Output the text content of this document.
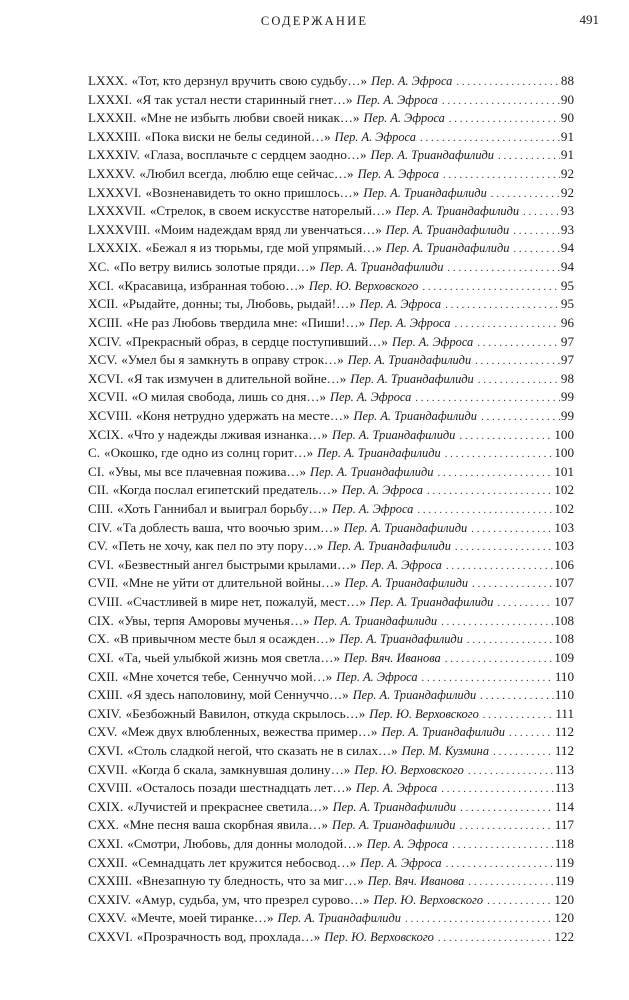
СОДЕРЖАНИЕ	491
LXXX. «Тот, кто дерзнул вручить свою судьбу…» Пер. А. Эфроса . . .	88
LXXXI. «Я так устал нести старинный гнет…» Пер. А. Эфроса . . .	90
LXXXII. «Мне не избыть любви своей никак…» Пер. А. Эфроса . . .	90
LXXXIII. «Пока виски не белы сединой…» Пер. А. Эфроса . . .	91
LXXXIV. «Глаза, восплачьте с сердцем заодно…» Пер. А. Триандафилиди . . .	91
LXXXV. «Любил всегда, люблю еще сейчас…» Пер. А. Эфроса . . .	92
LXXXVI. «Возненавидеть то окно пришлось…» Пер. А. Триандафилиди . . .	92
LXXXVII. «Стрелок, в своем искусстве наторелый…» Пер. А. Триандафилиди . . .	93
LXXXVIII. «Моим надеждам вряд ли увенчаться…» Пер. А. Триандафилиди . . .	93
LXXXIX. «Бежал я из тюрьмы, где мой упрямый…» Пер. А. Триандафилиди . . .	94
XC. «По ветру вились золотые пряди…» Пер. А. Триандафилиди . . .	94
XCI. «Красавица, избранная тобою…» Пер. Ю. Верховского . . .	95
XCII. «Рыдайте, донны; ты, Любовь, рыдай!…» Пер. А. Эфроса . . .	95
XCIII. «Не раз Любовь твердила мне: «Пиши!…» Пер. А. Эфроса . . .	96
XCIV. «Прекрасный образ, в сердце поступивший…» Пер. А. Эфроса . . .	97
XCV. «Умел бы я замкнуть в оправу строк…» Пер. А. Триандафилиди . . .	97
XCVI. «Я так измучен в длительной войне…» Пер. А. Триандафилиди . . .	98
XCVII. «О милая свобода, лишь со дня…» Пер. А. Эфроса . . .	99
XCVIII. «Коня нетрудно удержать на месте…» Пер. А. Триандафилиди . . .	99
XCIX. «Что у надежды лживая изнанка…» Пер. А. Триандафилиди . . .	100
C. «Окошко, где одно из солнц горит…» Пер. А. Триандафилиди . . .	100
CI. «Увы, мы все плачевная пожива…» Пер. А. Триандафилиди . . .	101
CII. «Когда послал египетский предатель…» Пер. А. Эфроса . . .	102
CIII. «Хоть Ганнибал и выиграл борьбу…» Пер. А. Эфроса . . .	102
CIV. «Та доблесть ваша, что воочью зрим…» Пер. А. Триандафилиди . . .	103
CV. «Петь не хочу, как пел по эту пору…» Пер. А. Триандафилиди . . .	103
CVI. «Безвестный ангел быстрыми крылами…» Пер. А. Эфроса . . .	106
CVII. «Мне не уйти от длительной войны…» Пер. А. Триандафилиди . . .	107
CVIII. «Счастливей в мире нет, пожалуй, мест…» Пер. А. Триандафилиди . . .	107
CIX. «Увы, терпя Аморовы мученья…» Пер. А. Триандафилиди . . .	108
CX. «В привычном месте был я осажден…» Пер. А. Триандафилиди . . .	108
CXI. «Та, чьей улыбкой жизнь моя светла…» Пер. Вяч. Иванова . . .	109
CXII. «Мне хочется тебе, Сеннуччо мой…» Пер. А. Эфроса . . .	110
CXIII. «Я здесь наполовину, мой Сеннуччо…» Пер. А. Триандафилиди . . .	110
CXIV. «Безбожный Вавилон, откуда скрылось…» Пер. Ю. Верховского . . .	111
CXV. «Меж двух влюбленных, вежества пример…» Пер. А. Триандафилиди . . .	112
CXVI. «Столь сладкой негой, что сказать не в силах…» Пер. М. Кузмина . . .	112
CXVII. «Когда б скала, замкнувшая долину…» Пер. Ю. Верховского . . .	113
CXVIII. «Осталось позади шестнадцать лет…» Пер. А. Эфроса . . .	113
CXIX. «Лучистей и прекраснее светила…» Пер. А. Триандафилиди . . .	114
CXX. «Мне песня ваша скорбная явила…» Пер. А. Триандафилиди . . .	117
CXXI. «Смотри, Любовь, для донны молодой…» Пер. А. Эфроса . . .	118
CXXII. «Семнадцать лет кружится небосвод…» Пер. А. Эфроса . . .	119
CXXIII. «Внезапную ту бледность, что за миг…» Пер. Вяч. Иванова . . .	119
CXXIV. «Амур, судьба, ум, что презрел сурово…» Пер. Ю. Верховского . . .	120
CXXV. «Мечте, моей тиранке…» Пер. А. Триандафилиди . . .	120
CXXVI. «Прозрачность вод, прохлада…» Пер. Ю. Верховского . . .	122
